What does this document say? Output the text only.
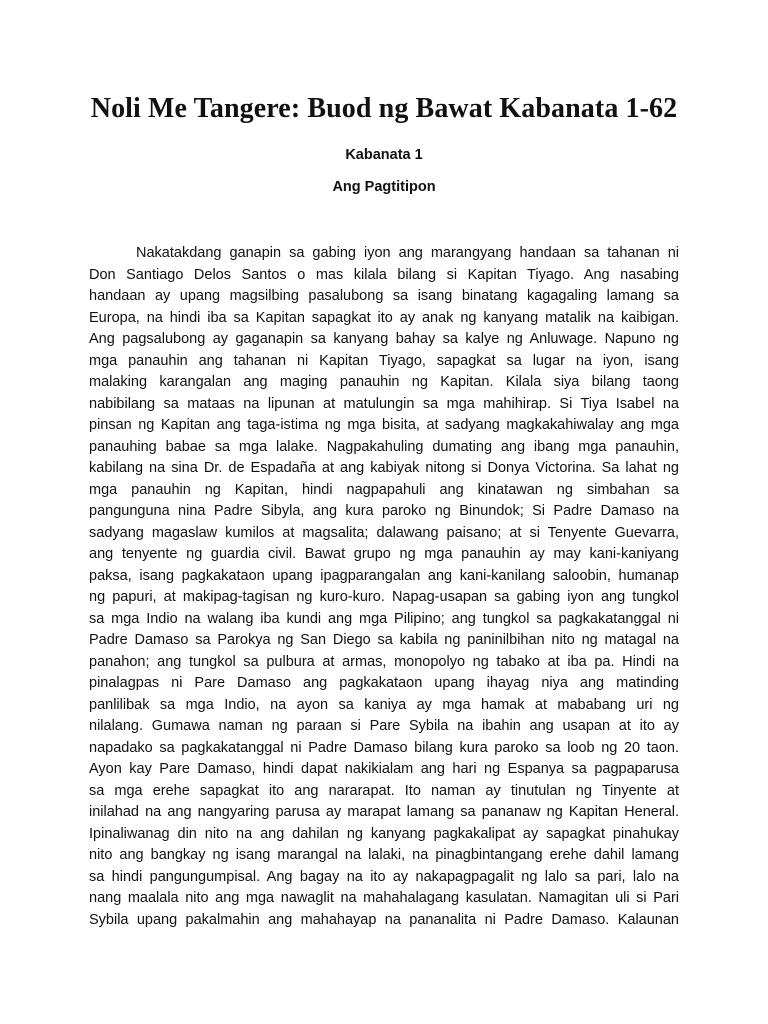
Noli Me Tangere: Buod ng Bawat Kabanata 1-62
Kabanata 1
Ang Pagtitipon
Nakatakdang ganapin sa gabing iyon ang marangyang handaan sa tahanan ni
Don Santiago Delos Santos o mas kilala bilang si Kapitan Tiyago. Ang nasabing
handaan ay upang magsilbing pasalubong sa isang binatang kagagaling lamang sa
Europa, na hindi iba sa Kapitan sapagkat ito ay anak ng kanyang matalik na kaibigan.
Ang pagsalubong ay gaganapin sa kanyang bahay sa kalye ng Anluwage. Napuno ng
mga panauhin ang tahanan ni Kapitan Tiyago, sapagkat sa lugar na iyon, isang
malaking karangalan ang maging panauhin ng Kapitan. Kilala siya bilang taong
nabibilang sa mataas na lipunan at matulungin sa mga mahihirap. Si Tiya Isabel na
pinsan ng Kapitan ang taga-istima ng mga bisita, at sadyang magkakahiwalay ang mga
panauhing babae sa mga lalake. Nagpakahuling dumating ang ibang mga panauhin,
kabilang na sina Dr. de Espadaña at ang kabiyak nitong si Donya Victorina. Sa lahat ng
mga panauhin ng Kapitan, hindi nagpapahuli ang kinatawan ng simbahan sa
pangunguna nina Padre Sibyla, ang kura paroko ng Binundok; Si Padre Damaso na
sadyang magaslaw kumilos at magsalita; dalawang paisano; at si Tenyente Guevarra,
ang tenyente ng guardia civil. Bawat grupo ng mga panauhin ay may kani-kaniyang
paksa, isang pagkakataon upang ipagparangalan ang kani-kanilang saloobin, humanap
ng papuri, at makipag-tagisan ng kuro-kuro. Napag-usapan sa gabing iyon ang tungkol
sa mga Indio na walang iba kundi ang mga Pilipino; ang tungkol sa pagkakatanggal ni
Padre Damaso sa Parokya ng San Diego sa kabila ng paninilbihan nito ng matagal na
panahon; ang tungkol sa pulbura at armas, monopolyo ng tabako at iba pa. Hindi na
pinalagpas ni Pare Damaso ang pagkakataon upang ihayag niya ang matinding
panlilibak sa mga Indio, na ayon sa kaniya ay mga hamak at mababang uri ng
nilalang. Gumawa naman ng paraan si Pare Sybila na ibahin ang usapan at ito ay
napadako sa pagkakatanggal ni Padre Damaso bilang kura paroko sa loob ng 20 taon.
Ayon kay Pare Damaso, hindi dapat nakikialam ang hari ng Espanya sa pagpaparusa
sa mga erehe sapagkat ito ang nararapat. Ito naman ay tinutulan ng Tinyente at
inilahad na ang nangyaring parusa ay marapat lamang sa pananaw ng Kapitan Heneral.
Ipinaliwanag din nito na ang dahilan ng kanyang pagkakalipat ay sapagkat pinahukay
nito ang bangkay ng isang marangal na lalaki, na pinagbintangang erehe dahil lamang
sa hindi pangungumpisal. Ang bagay na ito ay nakapagpagalit ng lalo sa pari, lalo na
nang maalala nito ang mga nawaglit na mahahalagang kasulatan. Namagitan uli si Pari
Sybila upang pakalmahin ang mahahayap na pananalita ni Padre Damaso. Kalaunan
